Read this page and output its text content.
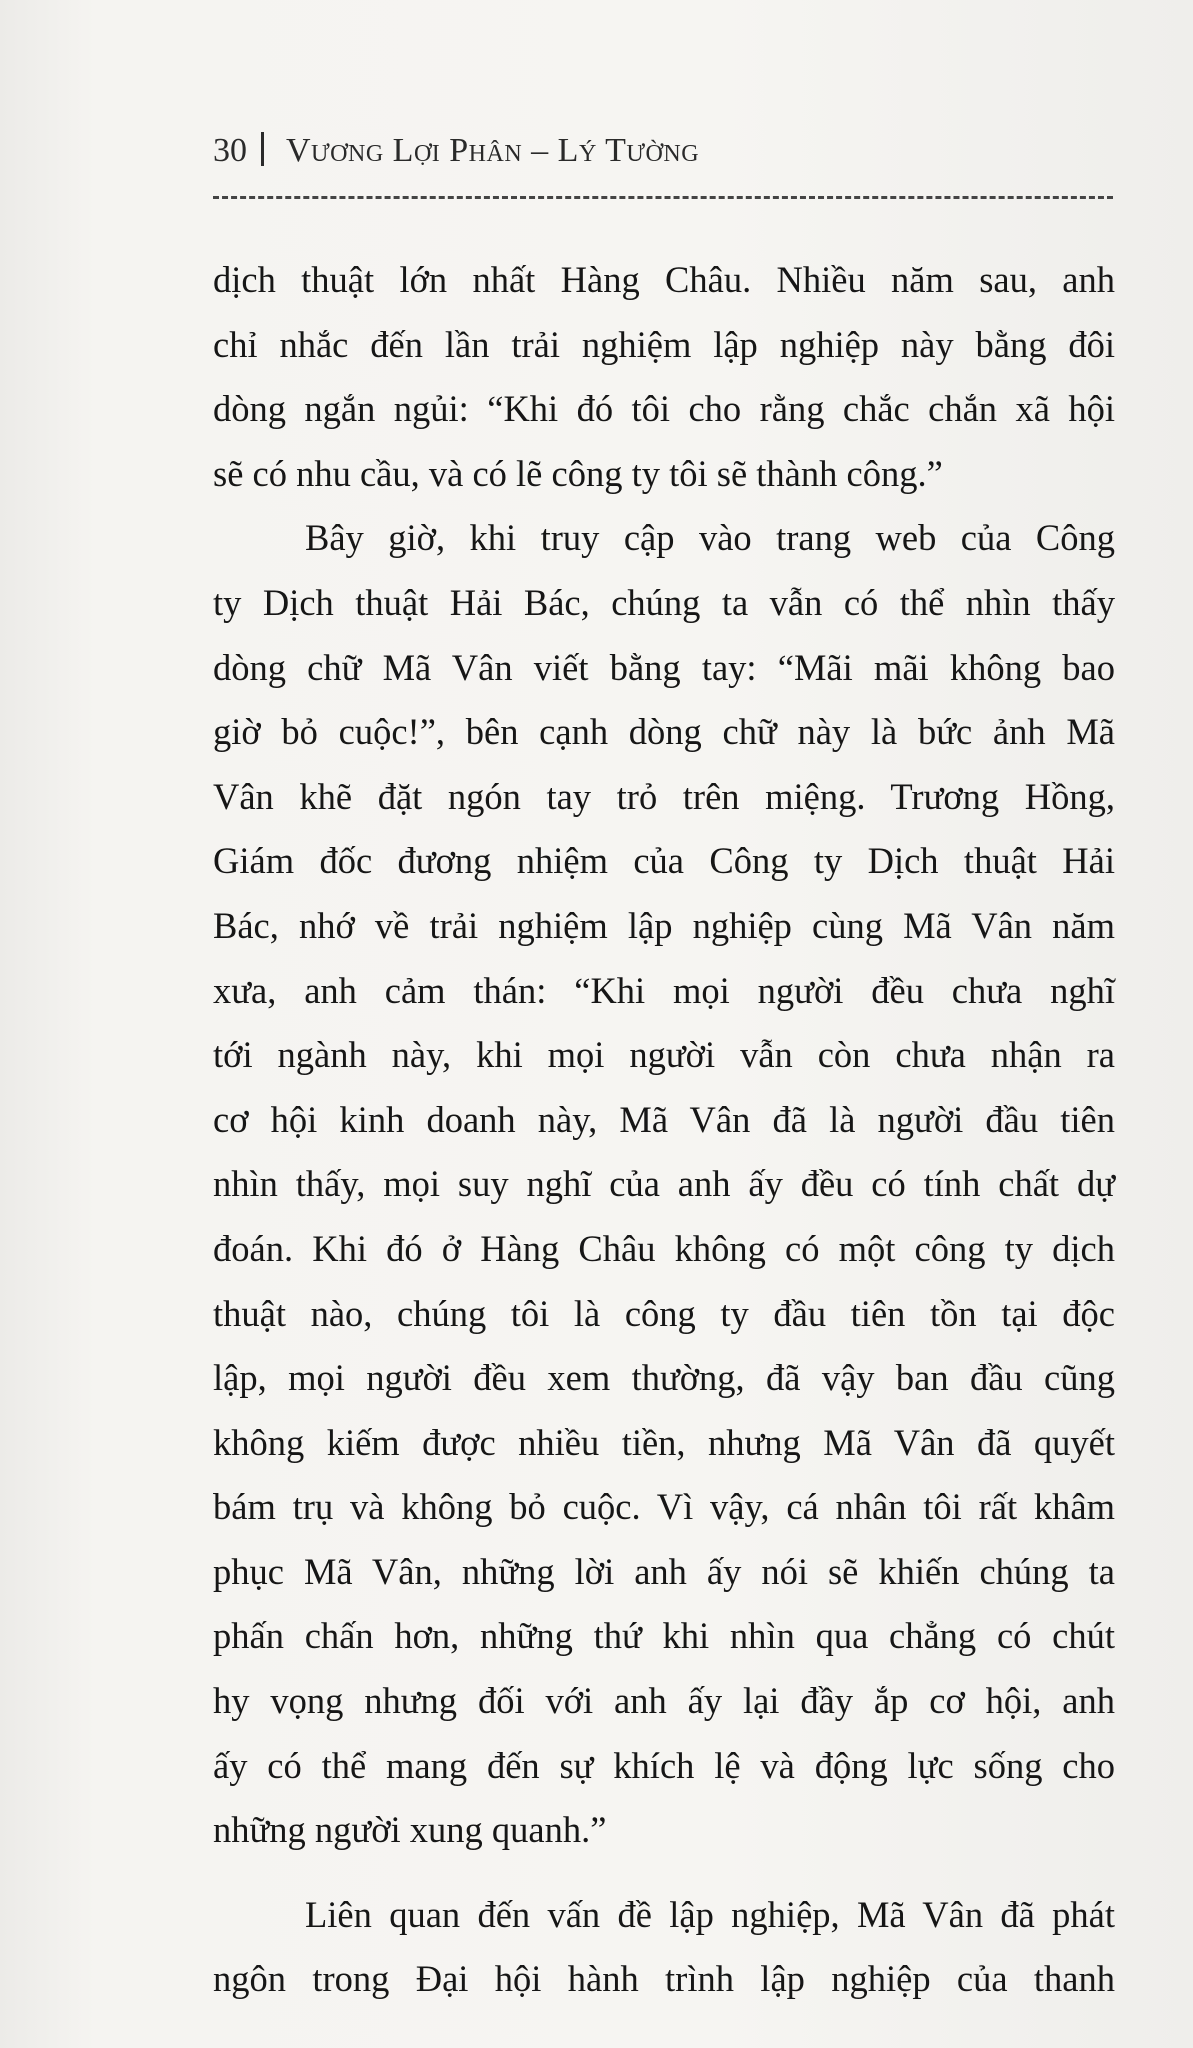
30 Vương Lợi Phân – Lý Tường
dịch thuật lớn nhất Hàng Châu. Nhiều năm sau, anh
chỉ nhắc đến lần trải nghiệm lập nghiệp này bằng đôi
dòng ngắn ngủi: “Khi đó tôi cho rằng chắc chắn xã hội
sẽ có nhu cầu, và có lẽ công ty tôi sẽ thành công.”
Bây giờ, khi truy cập vào trang web của Công
ty Dịch thuật Hải Bác, chúng ta vẫn có thể nhìn thấy
dòng chữ Mã Vân viết bằng tay: “Mãi mãi không bao
giờ bỏ cuộc!”, bên cạnh dòng chữ này là bức ảnh Mã
Vân khẽ đặt ngón tay trỏ trên miệng. Trương Hồng,
Giám đốc đương nhiệm của Công ty Dịch thuật Hải
Bác, nhớ về trải nghiệm lập nghiệp cùng Mã Vân năm
xưa, anh cảm thán: “Khi mọi người đều chưa nghĩ
tới ngành này, khi mọi người vẫn còn chưa nhận ra
cơ hội kinh doanh này, Mã Vân đã là người đầu tiên
nhìn thấy, mọi suy nghĩ của anh ấy đều có tính chất dự
đoán. Khi đó ở Hàng Châu không có một công ty dịch
thuật nào, chúng tôi là công ty đầu tiên tồn tại độc
lập, mọi người đều xem thường, đã vậy ban đầu cũng
không kiếm được nhiều tiền, nhưng Mã Vân đã quyết
bám trụ và không bỏ cuộc. Vì vậy, cá nhân tôi rất khâm
phục Mã Vân, những lời anh ấy nói sẽ khiến chúng ta
phấn chấn hơn, những thứ khi nhìn qua chẳng có chút
hy vọng nhưng đối với anh ấy lại đầy ắp cơ hội, anh
ấy có thể mang đến sự khích lệ và động lực sống cho
những người xung quanh.”
Liên quan đến vấn đề lập nghiệp, Mã Vân đã phát
ngôn trong Đại hội hành trình lập nghiệp của thanh
